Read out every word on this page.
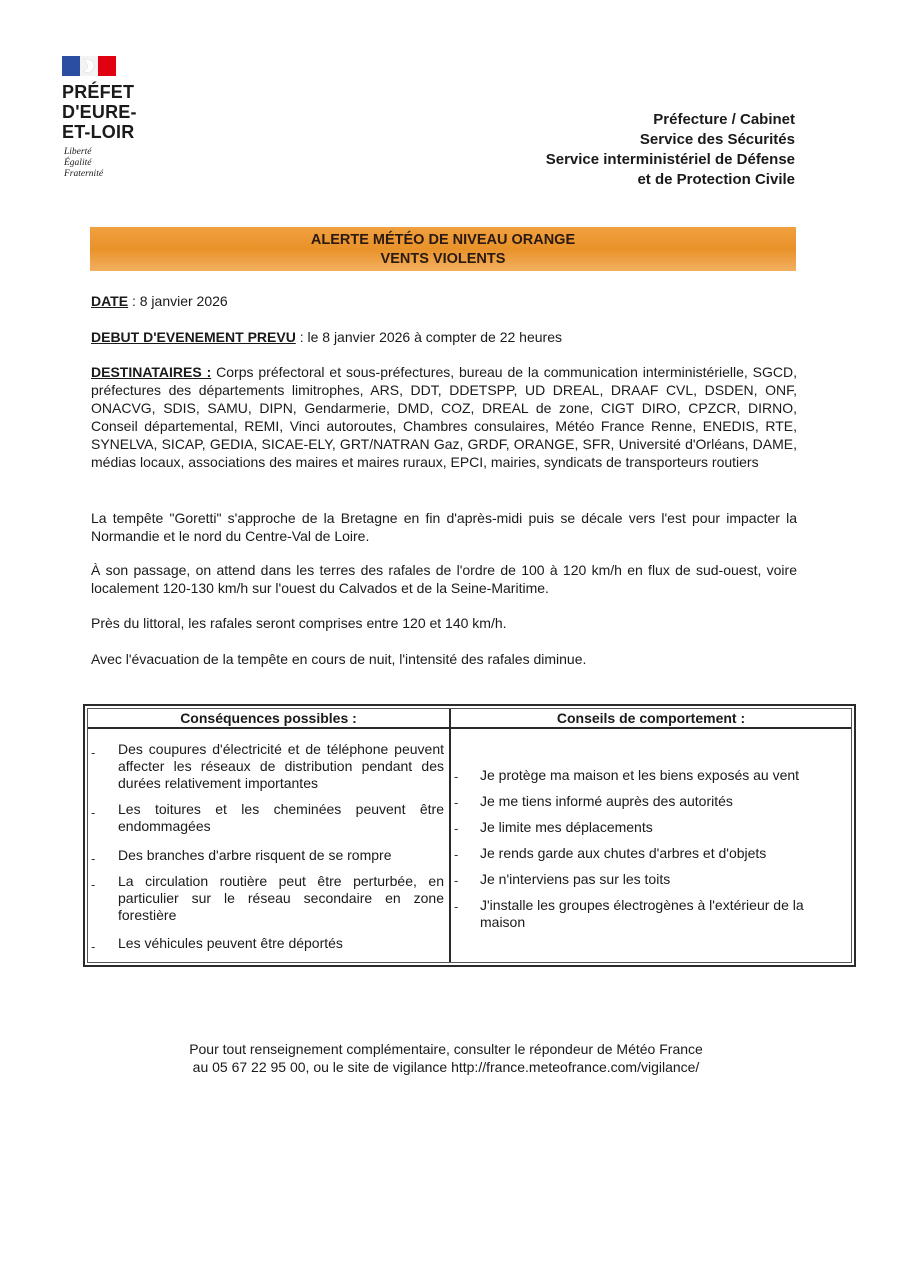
PRÉFET
D'EURE-
ET-LOIR
Liberté
Égalité
Fraternité
Préfecture / Cabinet
Service des Sécurités
Service interministériel de Défense
et de Protection Civile
ALERTE MÉTÉO DE NIVEAU ORANGE
VENTS VIOLENTS
DATE : 8 janvier 2026
DEBUT D'EVENEMENT PREVU : le 8 janvier 2026 à compter de 22 heures

DESTINATAIRES : Corps préfectoral et sous-préfectures, bureau de la communication interministérielle, SGCD, préfectures des départements limitrophes, ARS, DDT, DDETSPP, UD DREAL, DRAAF CVL, DSDEN, ONF, ONACVG, SDIS, SAMU, DIPN, Gendarmerie, DMD, COZ, DREAL de zone, CIGT DIRO, CPZCR, DIRNO, Conseil départemental, REMI, Vinci autoroutes, Chambres consulaires, Météo France Renne, ENEDIS, RTE, SYNELVA, SICAP, GEDIA, SICAE-ELY, GRT/NATRAN Gaz, GRDF, ORANGE, SFR, Université d'Orléans, DAME, médias locaux, associations des maires et maires ruraux, EPCI, mairies, syndicats de transporteurs routiers

La tempête "Goretti" s'approche de la Bretagne en fin d'après-midi puis se décale vers l'est pour impacter la Normandie et le nord du Centre-Val de Loire.
À son passage, on attend dans les terres des rafales de l'ordre de 100 à 120 km/h en flux de sud-ouest, voire localement 120-130 km/h sur l'ouest du Calvados et de la Seine-Maritime.
Près du littoral, les rafales seront comprises entre 120 et 140 km/h.
Avec l'évacuation de la tempête en cours de nuit, l'intensité des rafales diminue.
Conséquences possibles :	Conseils de comportement :
- Des coupures d'électricité et de téléphone peuvent affecter les réseaux de distribution pendant des durées relativement importantes
- Les toitures et les cheminées peuvent être endommagées
- Des branches d'arbre risquent de se rompre
- La circulation routière peut être perturbée, en particulier sur le réseau secondaire en zone forestière
- Les véhicules peuvent être déportés
- Je protège ma maison et les biens exposés au vent
- Je me tiens informé auprès des autorités
- Je limite mes déplacements
- Je rends garde aux chutes d'arbres et d'objets
- Je n'interviens pas sur les toits
- J'installe les groupes électrogènes à l'extérieur de la maison
Pour tout renseignement complémentaire, consulter le répondeur de Météo France
au 05 67 22 95 00, ou le site de vigilance http://france.meteofrance.com/vigilance/
